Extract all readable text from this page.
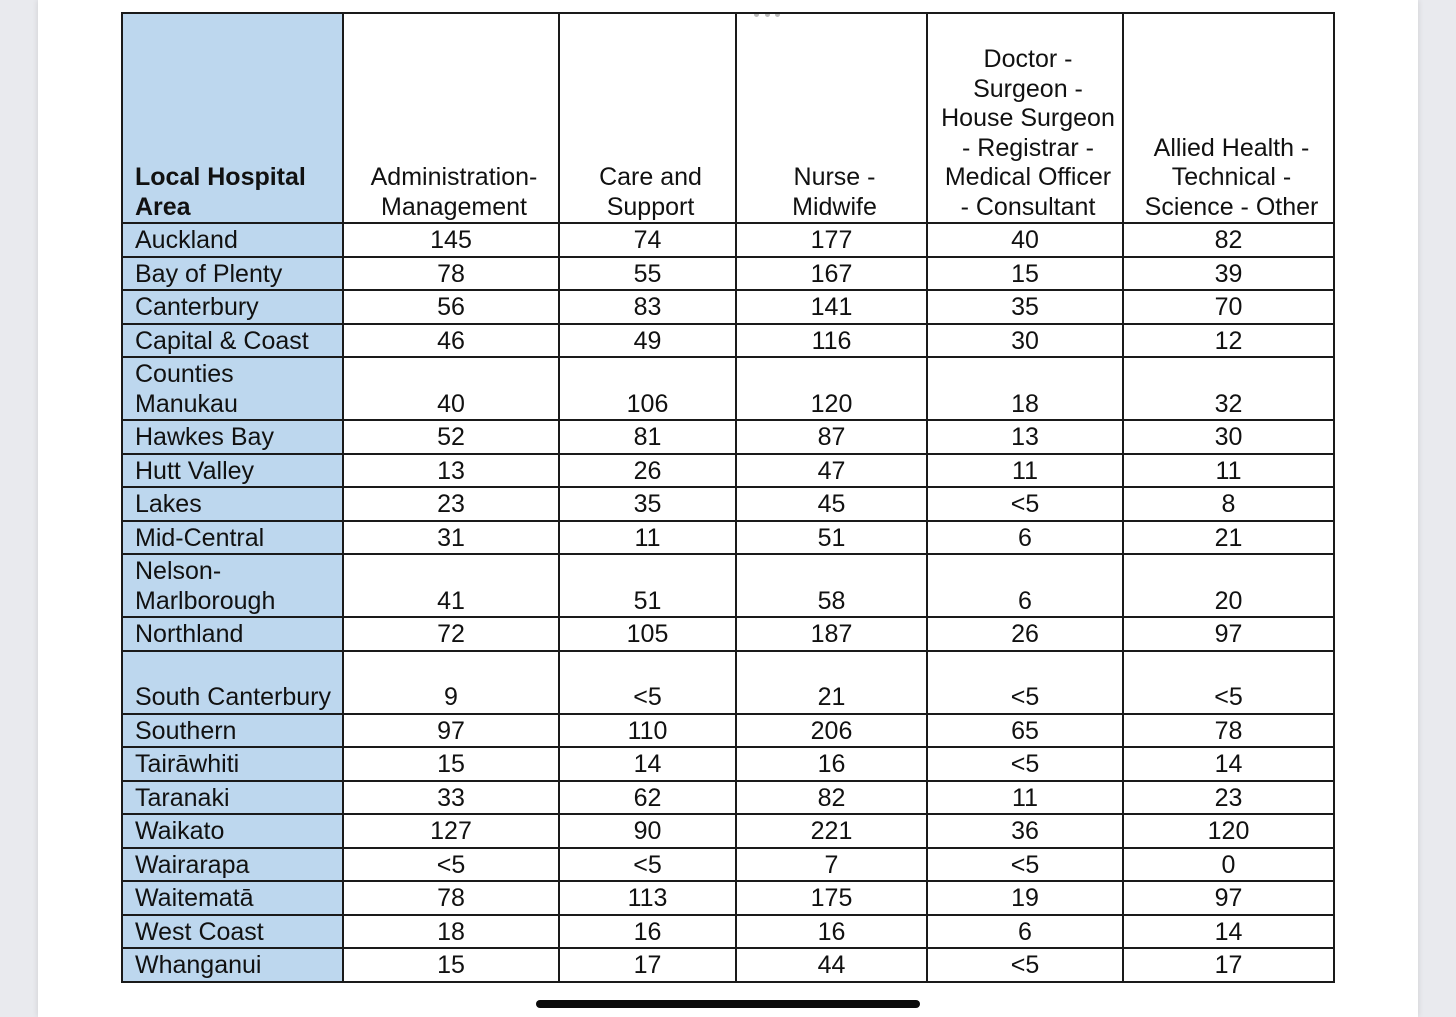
Local Hospital Area	Administration-Management	Care and Support	Nurse - Midwife	Doctor - Surgeon - House Surgeon - Registrar - Medical Officer - Consultant	Allied Health - Technical - Science - Other
Auckland	145	74	177	40	82
Bay of Plenty	78	55	167	15	39
Canterbury	56	83	141	35	70
Capital & Coast	46	49	116	30	12
Counties Manukau	40	106	120	18	32
Hawkes Bay	52	81	87	13	30
Hutt Valley	13	26	47	11	11
Lakes	23	35	45	<5	8
Mid-Central	31	11	51	6	21
Nelson-Marlborough	41	51	58	6	20
Northland	72	105	187	26	97
South Canterbury	9	<5	21	<5	<5
Southern	97	110	206	65	78
Tairāwhiti	15	14	16	<5	14
Taranaki	33	62	82	11	23
Waikato	127	90	221	36	120
Wairarapa	<5	<5	7	<5	0
Waitematā	78	113	175	19	97
West Coast	18	16	16	6	14
Whanganui	15	17	44	<5	17
